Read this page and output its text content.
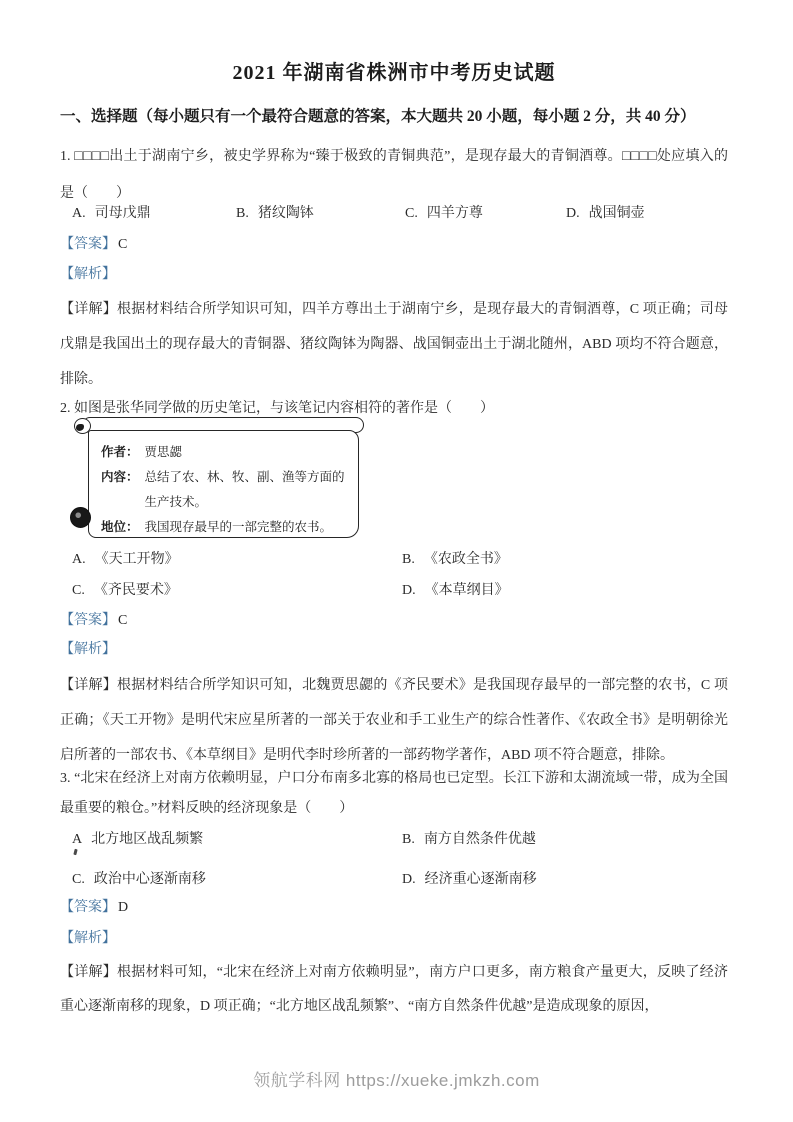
2021 年湖南省株洲市中考历史试题
一、选择题（每小题只有一个最符合题意的答案，本大题共 20 小题，每小题 2 分，共 40 分）
1. □□□□出土于湖南宁乡，被史学界称为“臻于极致的青铜典范”，是现存最大的青铜酒尊。□□□□处应填入的是（　　）
A. 司母戊鼎	B. 猪纹陶钵	C. 四羊方尊	D. 战国铜壶
【答案】 C
【解析】
【详解】根据材料结合所学知识可知，四羊方尊出土于湖南宁乡，是现存最大的青铜酒尊，C 项正确；司母戊鼎是我国出土的现存最大的青铜器、猪纹陶钵为陶器、战国铜壶出土于湖北随州，ABD 项均不符合题意，排除。
2. 如图是张华同学做的历史笔记，与该笔记内容相符的著作是（　　）
作者： 贾思勰
内容： 总结了农、林、牧、副、渔等方面的生产技术。
地位： 我国现存最早的一部完整的农书。
A. 《天工开物》	B. 《农政全书》
C. 《齐民要术》	D. 《本草纲目》
【答案】 C
【解析】
【详解】根据材料结合所学知识可知，北魏贾思勰的《齐民要术》是我国现存最早的一部完整的农书，C 项正确；《天工开物》是明代宋应星所著的一部关于农业和手工业生产的综合性著作、《农政全书》是明朝徐光启所著的一部农书、《本草纲目》是明代李时珍所著的一部药物学著作，ABD 项不符合题意，排除。
3. “北宋在经济上对南方依赖明显，户口分布南多北寡的格局也已定型。长江下游和太湖流域一带，成为全国最重要的粮仓。”材料反映的经济现象是（　　）
A 北方地区战乱频繁	B. 南方自然条件优越
C. 政治中心逐渐南移	D. 经济重心逐渐南移
【答案】 D
【解析】
【详解】根据材料可知，“北宋在经济上对南方依赖明显”，南方户口更多，南方粮食产量更大，反映了经济重心逐渐南移的现象，D 项正确；“北方地区战乱频繁”、“南方自然条件优越”是造成现象的原因，
领航学科网 https://xueke.jmkzh.com
